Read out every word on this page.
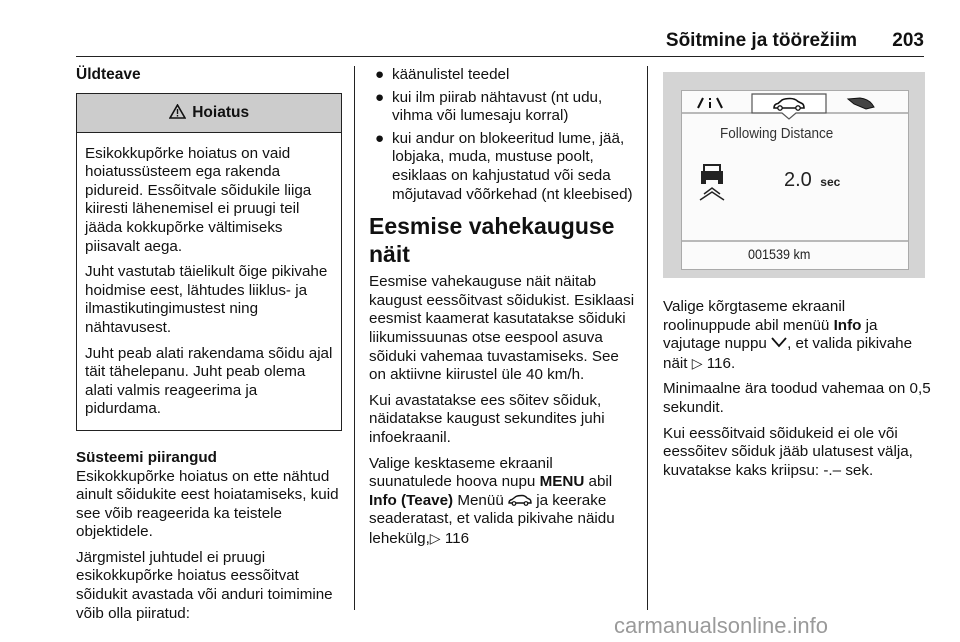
Sõitmine ja töörežiim 203
Üldteave
Hoiatus

Esikokkupõrke hoiatus on vaid hoiatussüsteem ega rakenda pidureid. Essõitvale sõidukile liiga kiiresti lähenemisel ei pruugi teil jääda kokkupõrke vältimiseks piisavalt aega.

Juht vastutab täielikult õige pikivahe hoidmise eest, lähtudes liiklus- ja ilmastikutingimustest ning nähtavusest.

Juht peab alati rakendama sõidu ajal täit tähelepanu. Juht peab olema alati valmis reageerima ja pidurdama.

Süsteemi piirangud

Esikokkupõrke hoiatus on ette nähtud ainult sõidukite eest hoiatamiseks, kuid see võib reageerida ka teistele objektidele.

Järgmistel juhtudel ei pruugi esikokkupõrke hoiatus eessõitvat sõidukit avastada või anduri toimimine võib olla piiratud:

● käänulistel teedel
● kui ilm piirab nähtavust (nt udu, vihma või lumesaju korral)
● kui andur on blokeeritud lume, jää, lobjaka, muda, mustuse poolt, esiklaas on kahjustatud või seda mõjutavad võõrkehad (nt kleebised)
Eesmise vahekauguse näit

Eesmise vahekauguse näit näitab kaugust eessõitvast sõidukist. Esiklaasi eesmist kaamerat kasutatakse sõiduki liikumissuunas otse eespool asuva sõiduki vahemaa tuvastamiseks. See on aktiivne kiirustel üle 40 km/h.

Kui avastatakse ees sõitev sõiduk, näidatakse kaugust sekundites juhi infoekraanil.

Valige kesktaseme ekraanil suunatulede hoova nupu MENU abil Info (Teave) Menüü  ja keerake seaderatast, et valida pikivahe näidu lehekülg,▷ 116

Following Distance
2.0 sec
001539 km

Valige kõrgtaseme ekraanil roolinuppude abil menüü Info ja vajutage nuppu , et valida pikivahe näit ▷ 116.

Minimaalne ära toodud vahemaa on 0,5 sekundit.

Kui eessõitvaid sõidukeid ei ole või eessõitev sõiduk jääb ulatusest välja, kuvatakse kaks kriipsu: -.– sek.

carmanualsonline.info
